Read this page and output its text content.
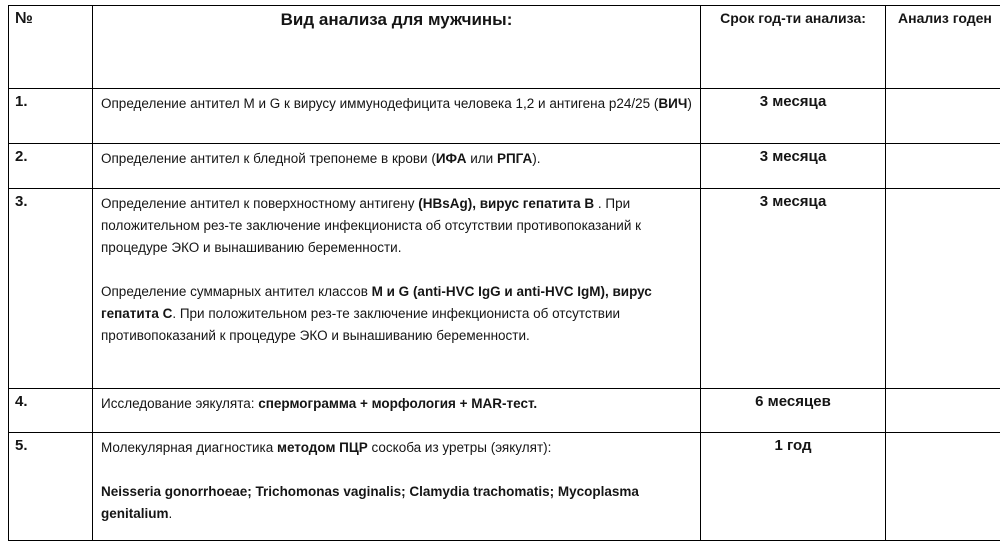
№	Вид анализа для мужчины:	Срок год-ти анализа:	Анализ годен
1.	Определение антител М и G к вирусу иммунодефицита человека 1,2 и антигена р24/25 (ВИЧ)	3 месяца	
2.	Определение антител к бледной трепонеме в крови (ИФА или РПГА).	3 месяца	
3.	Определение антител к поверхностному антигену (HBsAg), вирус гепатита В . При положительном рез-те заключение инфекциониста об отсутствии противопоказаний к процедуре ЭКО и вынашиванию беременности.

Определение суммарных антител классов М и G (anti-HVC IgG и anti-HVC IgM), вирус гепатита С. При положительном рез-те заключение инфекциониста об отсутствии противопоказаний к процедуре ЭКО и вынашиванию беременности.	3 месяца	
4.	Исследование эякулята: спермограмма + морфология + MAR-тест.	6 месяцев	
5.	Молекулярная диагностика методом ПЦР соскоба из уретры (эякулят):

Neisseria gonorrhoeae; Trichomonas vaginalis; Clamydia trachomatis; Mycoplasma genitalium.	1 год	
